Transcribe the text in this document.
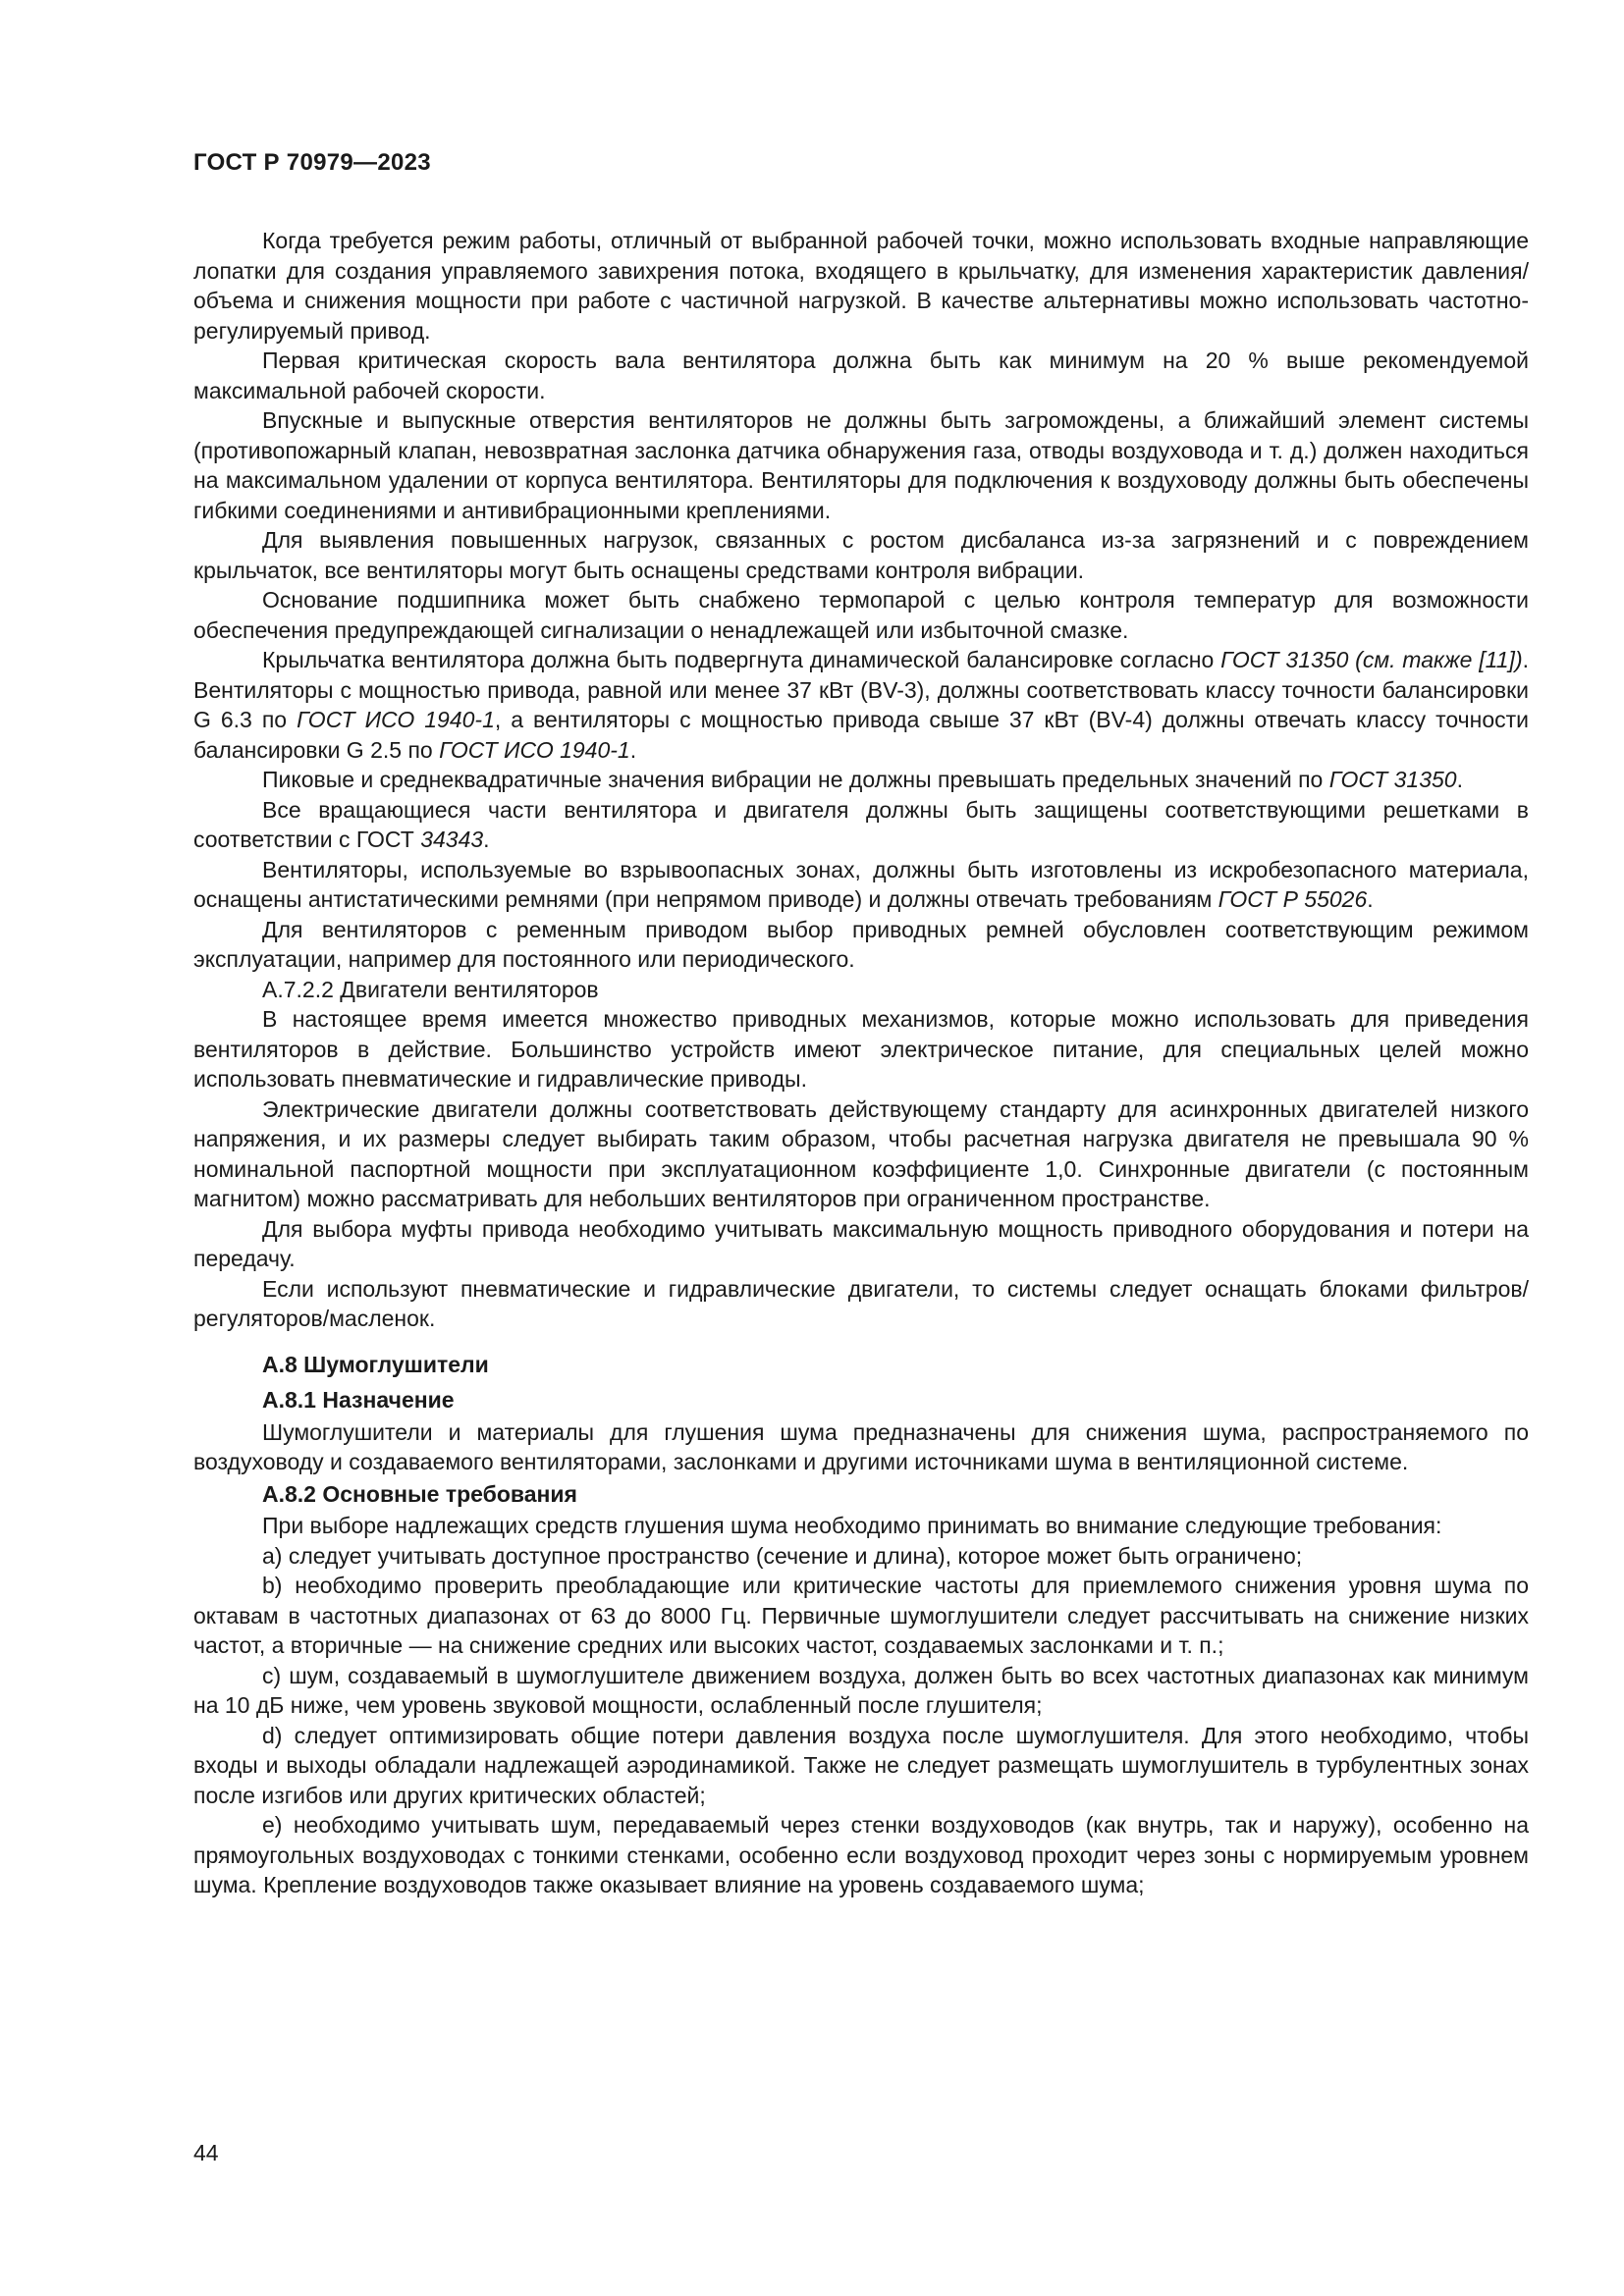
ГОСТ Р 70979—2023

Когда требуется режим работы, отличный от выбранной рабочей точки, можно использовать входные направляющие лопатки для создания управляемого завихрения потока, входящего в крыльчатку, для изменения характеристик давления/объема и снижения мощности при работе с частичной нагрузкой. В качестве альтернативы можно использовать частотно-регулируемый привод.

Первая критическая скорость вала вентилятора должна быть как минимум на 20 % выше рекомендуемой максимальной рабочей скорости.

Впускные и выпускные отверстия вентиляторов не должны быть загромождены, а ближайший элемент системы (противопожарный клапан, невозвратная заслонка датчика обнаружения газа, отводы воздуховода и т. д.) должен находиться на максимальном удалении от корпуса вентилятора. Вентиляторы для подключения к воздуховоду должны быть обеспечены гибкими соединениями и антивибрационными креплениями.

Для выявления повышенных нагрузок, связанных с ростом дисбаланса из-за загрязнений и с повреждением крыльчаток, все вентиляторы могут быть оснащены средствами контроля вибрации.

Основание подшипника может быть снабжено термопарой с целью контроля температур для возможности обеспечения предупреждающей сигнализации о ненадлежащей или избыточной смазке.

Крыльчатка вентилятора должна быть подвергнута динамической балансировке согласно ГОСТ 31350 (см. также [11]). Вентиляторы с мощностью привода, равной или менее 37 кВт (BV-3), должны соответствовать классу точности балансировки G 6.3 по ГОСТ ИСО 1940-1, а вентиляторы с мощностью привода свыше 37 кВт (BV-4) должны отвечать классу точности балансировки G 2.5 по ГОСТ ИСО 1940-1.

Пиковые и среднеквадратичные значения вибрации не должны превышать предельных значений по ГОСТ 31350.

Все вращающиеся части вентилятора и двигателя должны быть защищены соответствующими решетками в соответствии с ГОСТ 34343.

Вентиляторы, используемые во взрывоопасных зонах, должны быть изготовлены из искробезопасного материала, оснащены антистатическими ремнями (при непрямом приводе) и должны отвечать требованиям ГОСТ Р 55026.

Для вентиляторов с ременным приводом выбор приводных ремней обусловлен соответствующим режимом эксплуатации, например для постоянного или периодического.

А.7.2.2 Двигатели вентиляторов

В настоящее время имеется множество приводных механизмов, которые можно использовать для приведения вентиляторов в действие. Большинство устройств имеют электрическое питание, для специальных целей можно использовать пневматические и гидравлические приводы.

Электрические двигатели должны соответствовать действующему стандарту для асинхронных двигателей низкого напряжения, и их размеры следует выбирать таким образом, чтобы расчетная нагрузка двигателя не превышала 90 % номинальной паспортной мощности при эксплуатационном коэффициенте 1,0. Синхронные двигатели (с постоянным магнитом) можно рассматривать для небольших вентиляторов при ограниченном пространстве.

Для выбора муфты привода необходимо учитывать максимальную мощность приводного оборудования и потери на передачу.

Если используют пневматические и гидравлические двигатели, то системы следует оснащать блоками фильтров/регуляторов/масленок.

А.8 Шумоглушители

А.8.1 Назначение

Шумоглушители и материалы для глушения шума предназначены для снижения шума, распространяемого по воздуховоду и создаваемого вентиляторами, заслонками и другими источниками шума в вентиляционной системе.

А.8.2 Основные требования

При выборе надлежащих средств глушения шума необходимо принимать во внимание следующие требования:

а) следует учитывать доступное пространство (сечение и длина), которое может быть ограничено;

b) необходимо проверить преобладающие или критические частоты для приемлемого снижения уровня шума по октавам в частотных диапазонах от 63 до 8000 Гц. Первичные шумоглушители следует рассчитывать на снижение низких частот, а вторичные — на снижение средних или высоких частот, создаваемых заслонками и т. п.;

с) шум, создаваемый в шумоглушителе движением воздуха, должен быть во всех частотных диапазонах как минимум на 10 дБ ниже, чем уровень звуковой мощности, ослабленный после глушителя;

d) следует оптимизировать общие потери давления воздуха после шумоглушителя. Для этого необходимо, чтобы входы и выходы обладали надлежащей аэродинамикой. Также не следует размещать шумоглушитель в турбулентных зонах после изгибов или других критических областей;

е) необходимо учитывать шум, передаваемый через стенки воздуховодов (как внутрь, так и наружу), особенно на прямоугольных воздуховодах с тонкими стенками, особенно если воздуховод проходит через зоны с нормируемым уровнем шума. Крепление воздуховодов также оказывает влияние на уровень создаваемого шума;

44
